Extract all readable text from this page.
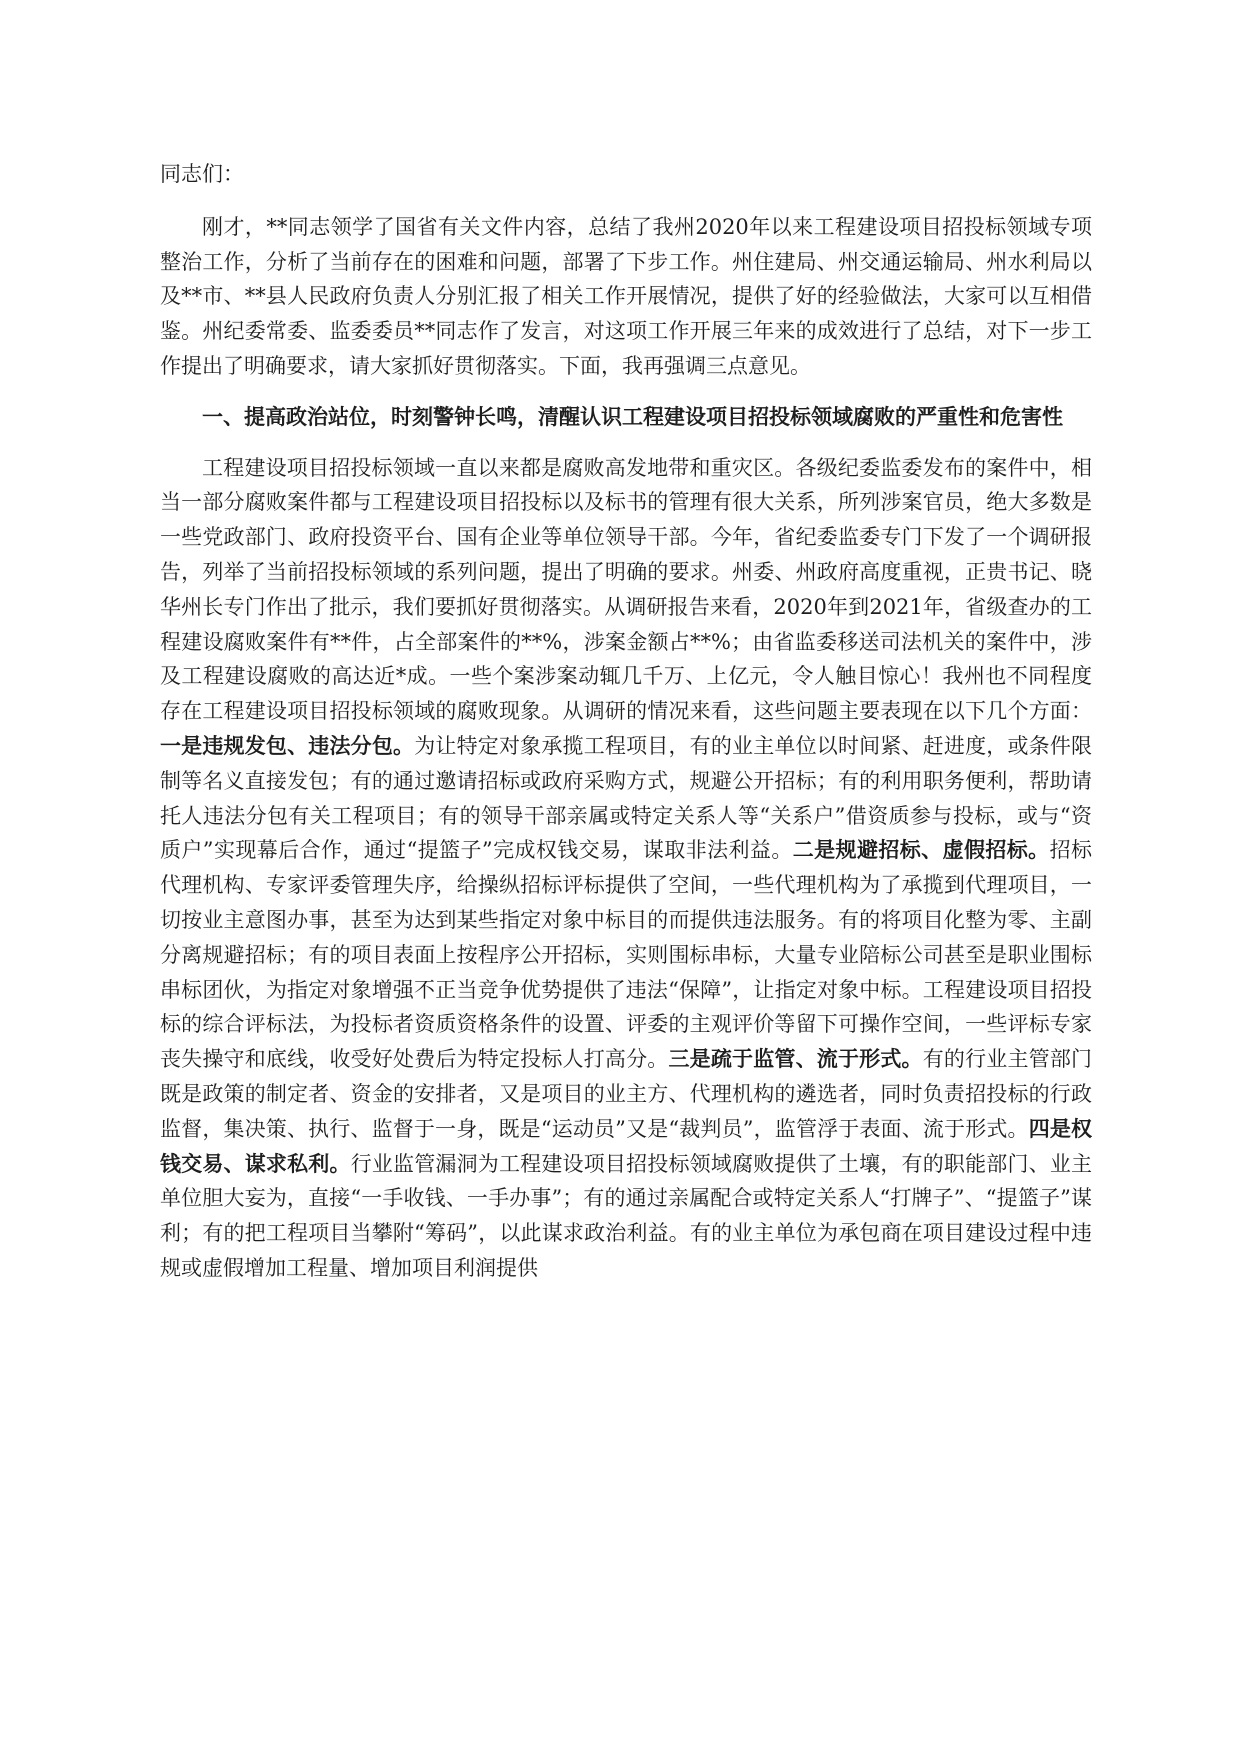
同志们：

刚才，**同志领学了国省有关文件内容，总结了我州2020年以来工程建设项目招投标领域专项整治工作，分析了当前存在的困难和问题，部署了下步工作。州住建局、州交通运输局、州水利局以及**市、**县人民政府负责人分别汇报了相关工作开展情况，提供了好的经验做法，大家可以互相借鉴。州纪委常委、监委委员**同志作了发言，对这项工作开展三年来的成效进行了总结，对下一步工作提出了明确要求，请大家抓好贯彻落实。下面，我再强调三点意见。

一、提高政治站位，时刻警钟长鸣，清醒认识工程建设项目招投标领域腐败的严重性和危害性

工程建设项目招投标领域一直以来都是腐败高发地带和重灾区。各级纪委监委发布的案件中，相当一部分腐败案件都与工程建设项目招投标以及标书的管理有很大关系，所列涉案官员，绝大多数是一些党政部门、政府投资平台、国有企业等单位领导干部。今年，省纪委监委专门下发了一个调研报告，列举了当前招投标领域的系列问题，提出了明确的要求。州委、州政府高度重视，正贵书记、晓华州长专门作出了批示，我们要抓好贯彻落实。从调研报告来看，2020年到2021年，省级查办的工程建设腐败案件有**件，占全部案件的**%，涉案金额占**%；由省监委移送司法机关的案件中，涉及工程建设腐败的高达近*成。一些个案涉案动辄几千万、上亿元，令人触目惊心！我州也不同程度存在工程建设项目招投标领域的腐败现象。从调研的情况来看，这些问题主要表现在以下几个方面：一是违规发包、违法分包。为让特定对象承揽工程项目，有的业主单位以时间紧、赶进度，或条件限制等名义直接发包；有的通过邀请招标或政府采购方式，规避公开招标；有的利用职务便利，帮助请托人违法分包有关工程项目；有的领导干部亲属或特定关系人等“关系户”借资质参与投标，或与“资质户”实现幕后合作，通过“提篮子”完成权钱交易，谋取非法利益。二是规避招标、虚假招标。招标代理机构、专家评委管理失序，给操纵招标评标提供了空间，一些代理机构为了承揽到代理项目，一切按业主意图办事，甚至为达到某些指定对象中标目的而提供违法服务。有的将项目化整为零、主副分离规避招标；有的项目表面上按程序公开招标，实则围标串标，大量专业陪标公司甚至是职业围标串标团伙，为指定对象增强不正当竞争优势提供了违法“保障”，让指定对象中标。工程建设项目招投标的综合评标法，为投标者资质资格条件的设置、评委的主观评价等留下可操作空间，一些评标专家丧失操守和底线，收受好处费后为特定投标人打高分。三是疏于监管、流于形式。有的行业主管部门既是政策的制定者、资金的安排者，又是项目的业主方、代理机构的遴选者，同时负责招投标的行政监督，集决策、执行、监督于一身，既是“运动员”又是“裁判员”，监管浮于表面、流于形式。四是权钱交易、谋求私利。行业监管漏洞为工程建设项目招投标领域腐败提供了土壤，有的职能部门、业主单位胆大妄为，直接“一手收钱、一手办事”；有的通过亲属配合或特定关系人“打牌子”、“提篮子”谋利；有的把工程项目当攀附“筹码”，以此谋求政治利益。有的业主单位为承包商在项目建设过程中违规或虚假增加工程量、增加项目利润提供
